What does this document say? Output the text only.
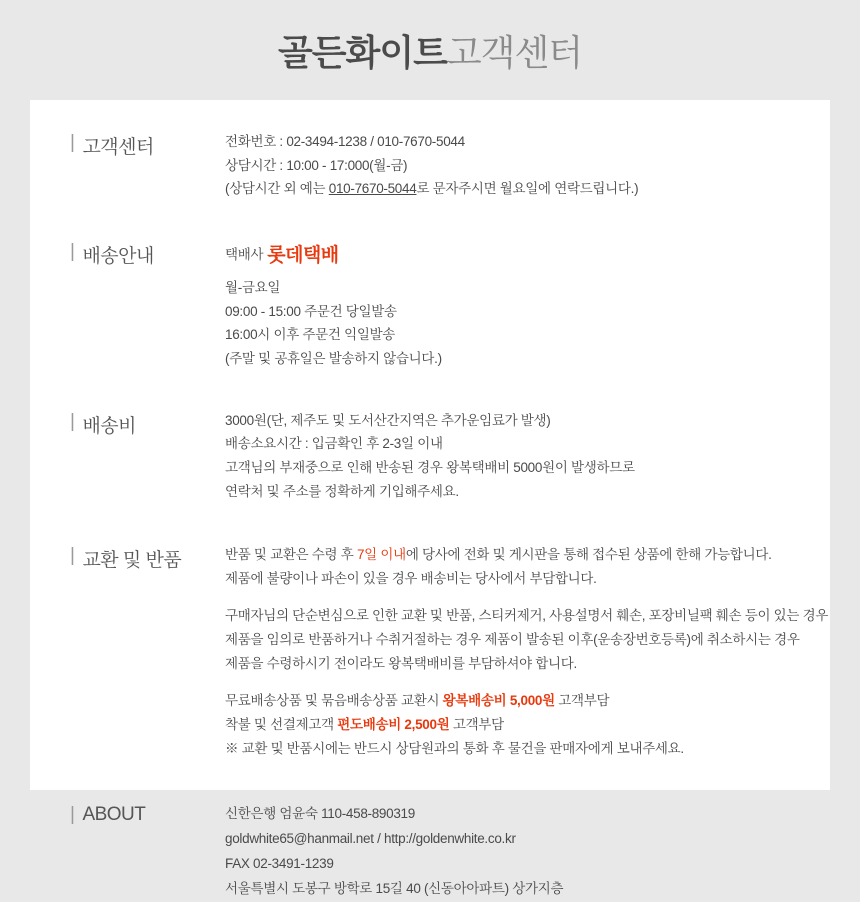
골든화이트고객센터
| 고객센터	전화번호 : 02-3494-1238 / 010-7670-5044
상담시간 : 10:00 - 17:000(월-금)
(상담시간 외 예는 010-7670-5044로 문자주시면 월요일에 연락드립니다.)
| 배송안내	택배사 롯데택배
월-금요일
09:00 - 15:00 주문건 당일발송
16:00시 이후 주문건 익일발송
(주말 및 공휴일은 발송하지 않습니다.)
| 배송비	3000원(단, 제주도 및 도서산간지역은 추가운임료가 발생)
배송소요시간 : 입금확인 후 2-3일 이내
고객님의 부재중으로 인해 반송된 경우 왕복택배비 5000원이 발생하므로
연락처 및 주소를 정확하게 기입해주세요.
| 교환 및 반품	반품 및 교환은 수령 후 7일 이내에 당사에 전화 및 게시판을 통해 접수된 상품에 한해 가능합니다.
제품에 불량이나 파손이 있을 경우 배송비는 당사에서 부담합니다.
구매자님의 단순변심으로 인한 교환 및 반품, 스티커제거, 사용설명서 훼손, 포장비닐팩 훼손 등이 있는 경우
제품을 임의로 반품하거나 수취거절하는 경우 제품이 발송된 이후(운송장번호등록)에 취소하시는 경우
제품을 수령하시기 전이라도 왕복택배비를 부담하셔야 합니다.
무료배송상품 및 묶음배송상품 교환시 왕복배송비 5,000원 고객부담
착불 및 선결제고객 편도배송비 2,500원 고객부담
※ 교환 및 반품시에는 반드시 상담원과의 통화 후 물건을 판매자에게 보내주세요.
| ABOUT	신한은행 엄윤숙 110-458-890319
goldwhite65@hanmail.net / http://goldenwhite.co.kr
FAX 02-3491-1239
서울특별시 도봉구 방학로 15길 40 (신동아아파트) 상가지층
